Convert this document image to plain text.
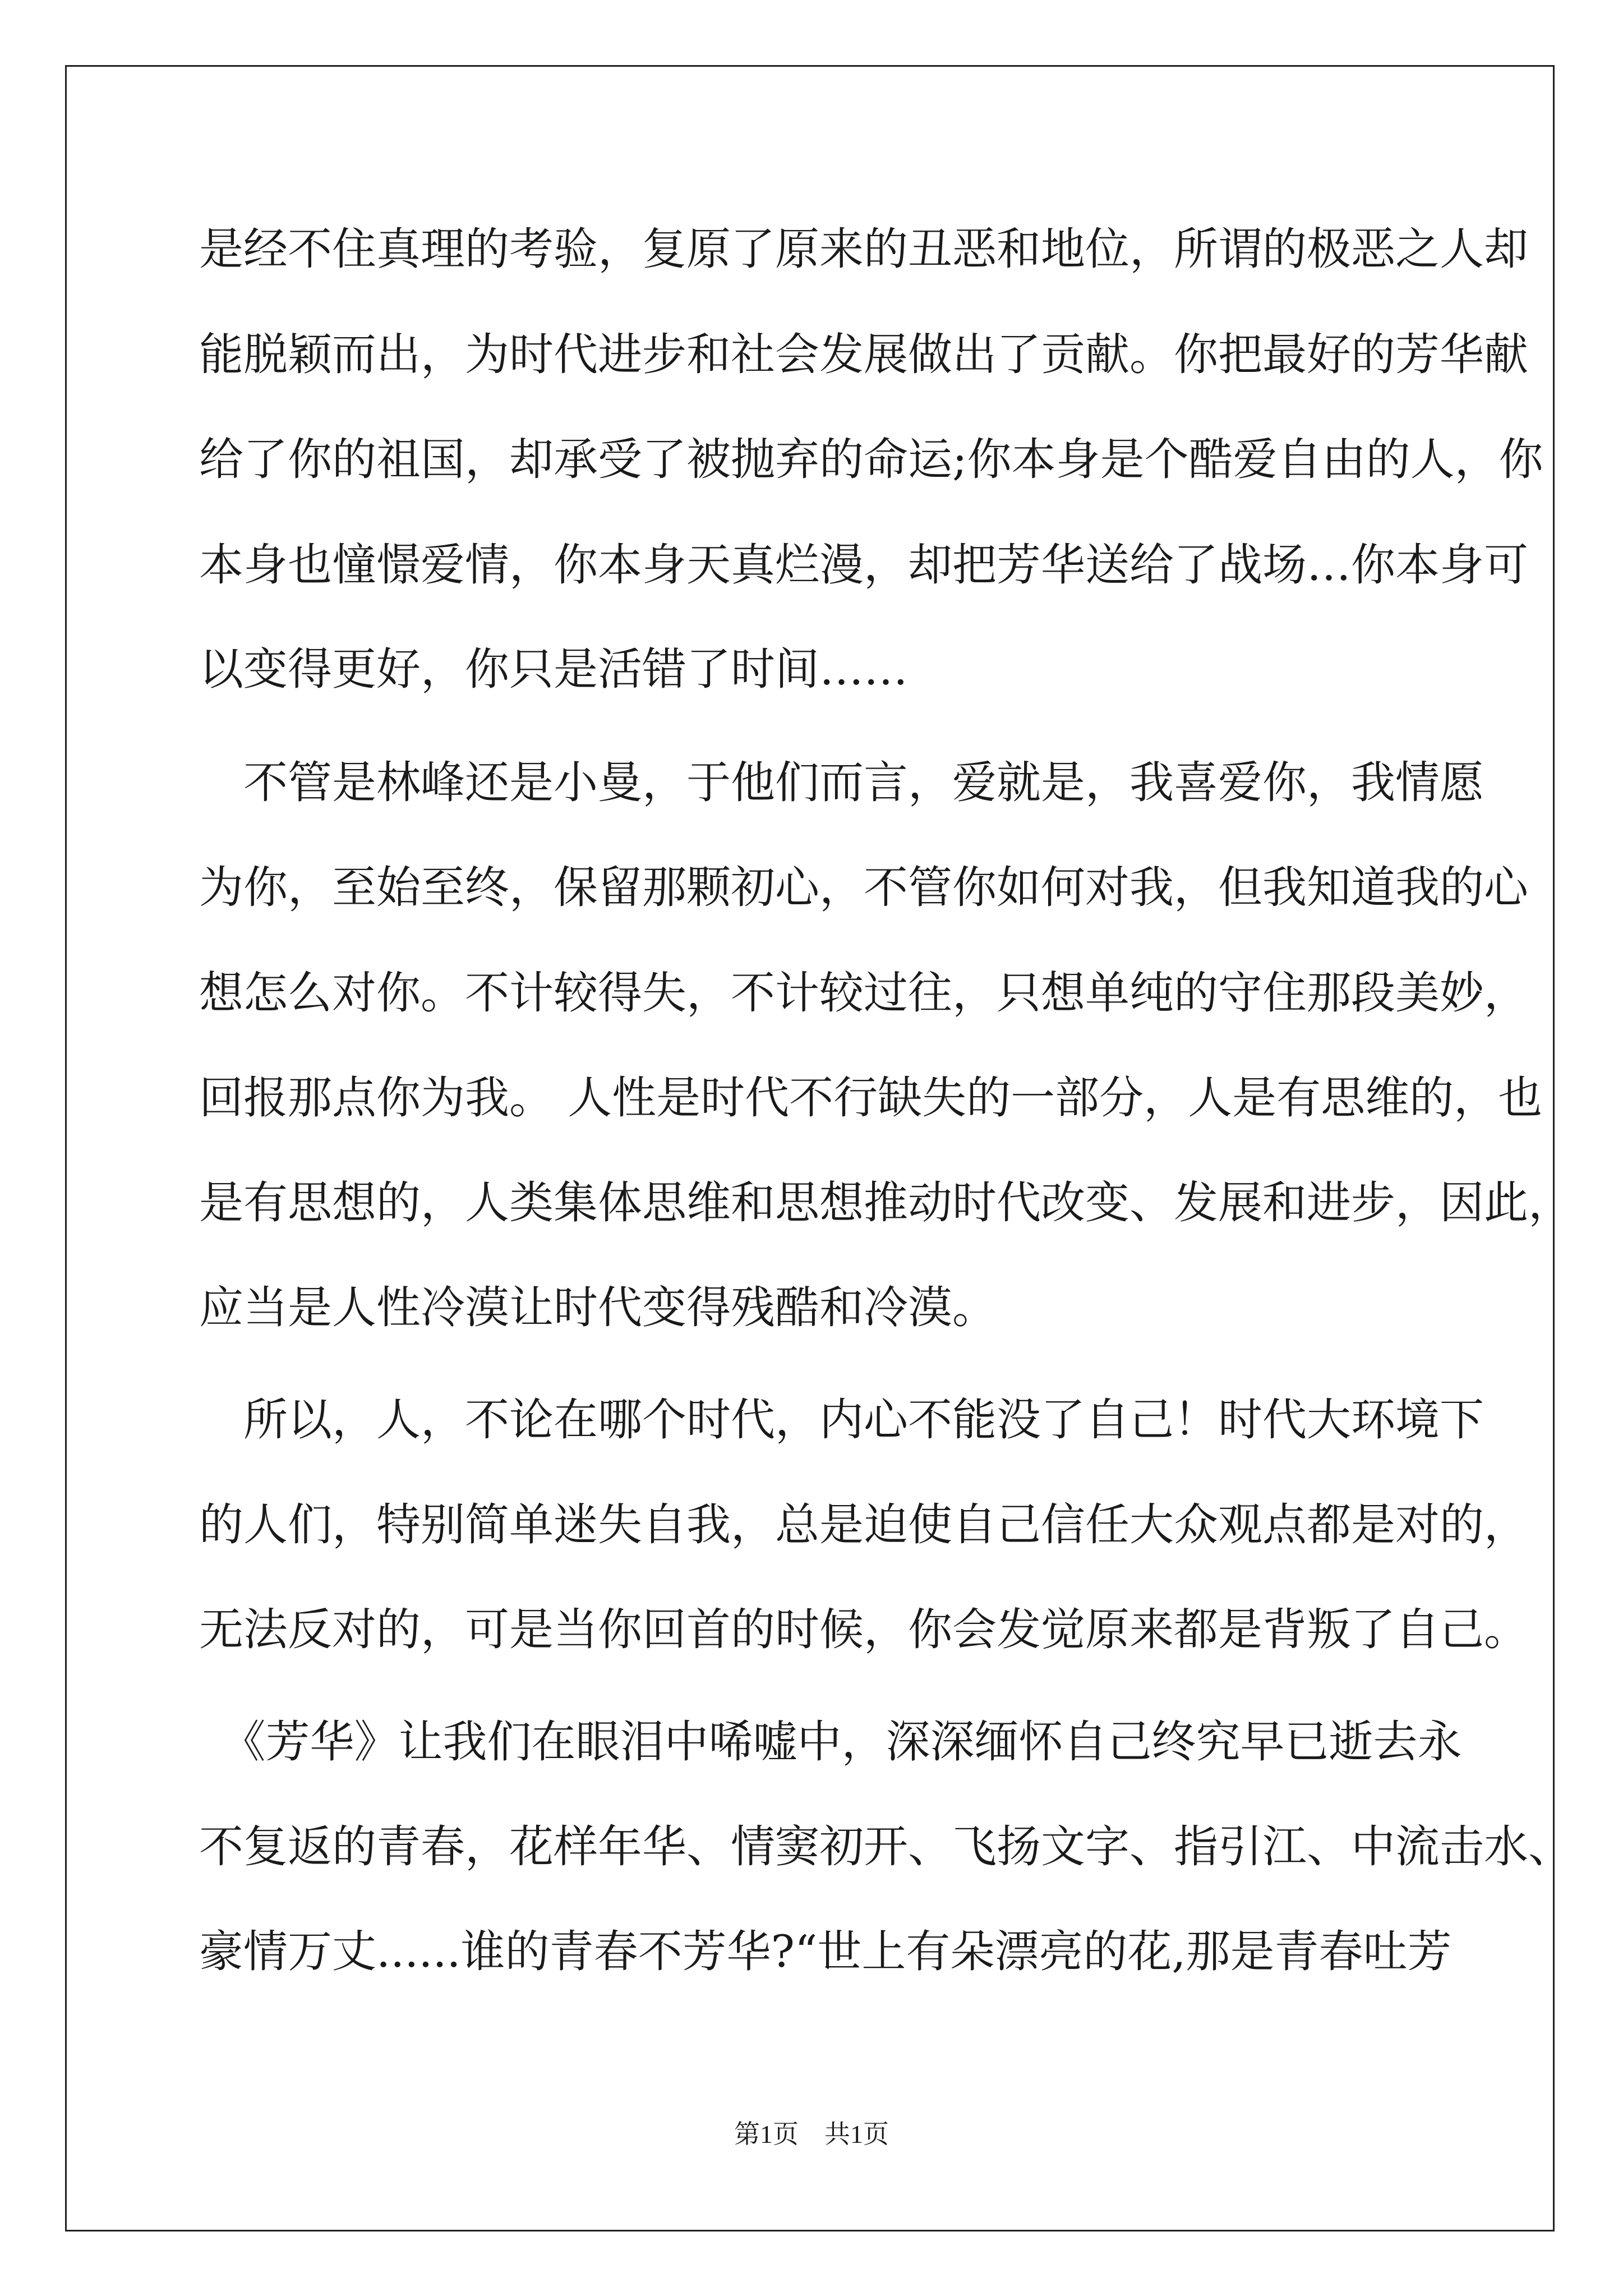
是经不住真理的考验，复原了原来的丑恶和地位，所谓的极恶之人却
能脱颖而出，为时代进步和社会发展做出了贡献。你把最好的芳华献
给了你的祖国，却承受了被抛弃的命运;你本身是个酷爱自由的人，你
本身也憧憬爱情，你本身天真烂漫，却把芳华送给了战场…你本身可
以变得更好，你只是活错了时间……
　不管是林峰还是小曼，于他们而言，爱就是，我喜爱你，我情愿
为你，至始至终，保留那颗初心，不管你如何对我，但我知道我的心
想怎么对你。不计较得失，不计较过往，只想单纯的守住那段美妙，
回报那点你为我。 人性是时代不行缺失的一部分，人是有思维的，也
是有思想的，人类集体思维和思想推动时代改变、发展和进步，因此，
应当是人性冷漠让时代变得残酷和冷漠。
　所以，人，不论在哪个时代，内心不能没了自己！时代大环境下
的人们，特别简单迷失自我，总是迫使自己信任大众观点都是对的，
无法反对的，可是当你回首的时候，你会发觉原来都是背叛了自己。
　《芳华》让我们在眼泪中唏嘘中，深深缅怀自己终究早已逝去永
不复返的青春，花样年华、情窦初开、飞扬文字、指引江、中流击水、
豪情万丈......谁的青春不芳华?“世上有朵漂亮的花,那是青春吐芳
第1页　共1页
